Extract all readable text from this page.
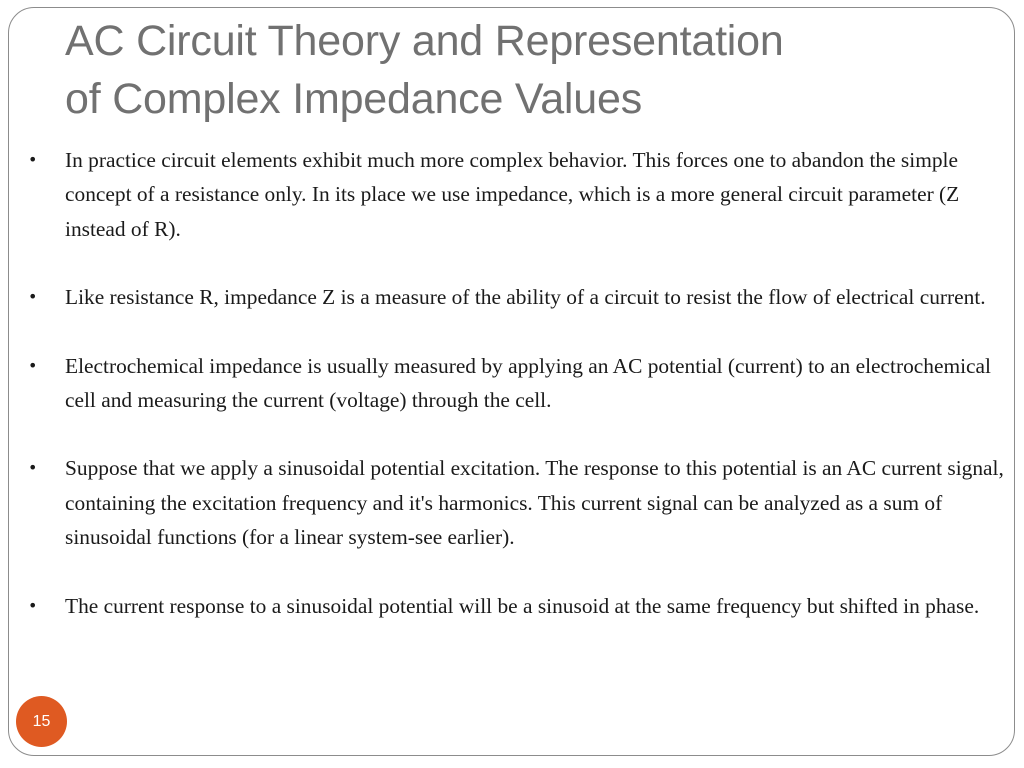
AC Circuit Theory and Representation
of Complex Impedance Values
• In practice circuit elements exhibit much more complex behavior. This forces one to abandon the simple concept of a resistance only. In its place we use impedance, which is a more general circuit parameter (Z instead of R).
• Like resistance R, impedance Z is a measure of the ability of a circuit to resist the flow of electrical current.
• Electrochemical impedance is usually measured by applying an AC potential (current) to an electrochemical cell and measuring the current (voltage) through the cell.
• Suppose that we apply a sinusoidal potential excitation. The response to this potential is an AC current signal, containing the excitation frequency and it's harmonics. This current signal can be analyzed as a sum of sinusoidal functions (for a linear system-see earlier).
• The current response to a sinusoidal potential will be a sinusoid at the same frequency but shifted in phase.
15
